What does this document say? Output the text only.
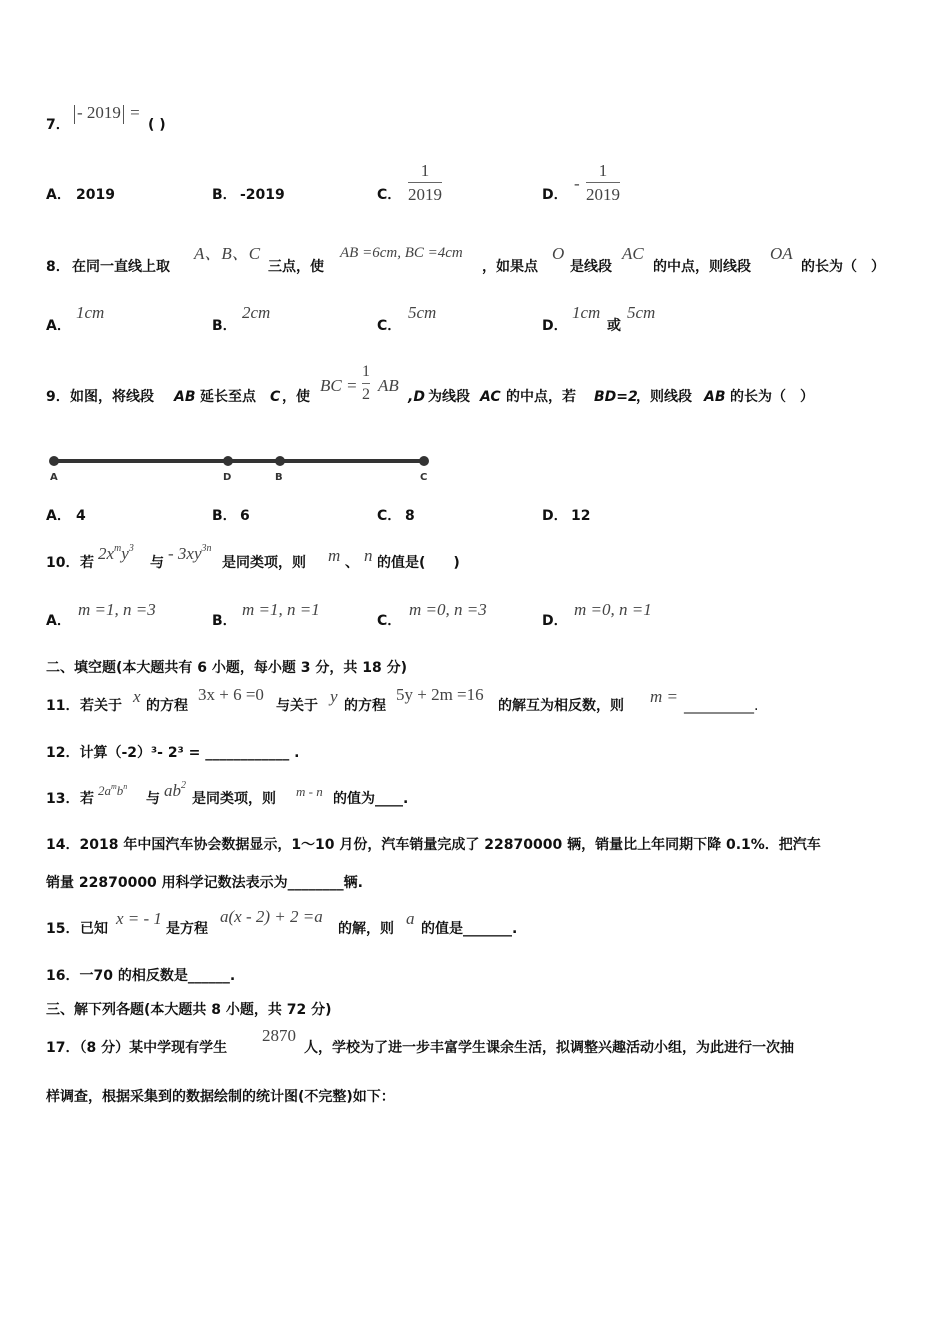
7．
- 2019 =
( )
A． 2019	B． -2019	C．
1
2019	D．
-
1
2019
8． 在同一直线上取
A、B、C
三点，使
AB =6cm, BC =4cm
，如果点
O
是线段
AC
的中点，则线段
OA
的长为（　）
A．
1cm
B．
2cm
C．
5cm
D．
1cm
或
5cm
9． 如图，将线段 AB 延长至点 C ，使
BC =
1
2 AB
,D 为线段 AC 的中点，若 BD=2
，则线段 AB 的长为（　）
A	D	B	C
A． 4	B． 6	C． 8	D． 12
10． 若 $2x^my^3$
与 - $3xy^{3n}$
是同类项，则 m 、 n 的值是(　　)
A．
m =1, n =3
B．
m =1, n =1
C．
m =0, n =3
D．
m =0, n =1
二、填空题(本大题共有 6 小题，每小题 3 分，共 18 分)
11． 若关于 x 的方程
3x + 6 =0
与关于 y 的方程
5y + 2m =16
的解互为相反数，则 m = __________.
12．计算（-2）³- 2³ = ____________ .
13． 若
$2a^mb^n$
与 $ab^2$
是同类项，则 m - n 的值为____.
14．2018 年中国汽车协会数据显示，1～10 月份，汽车销量完成了 22870000 辆，销量比上年同期下降 0.1%．把汽车
销量 22870000 用科学记数法表示为________辆.
15． 已知
x = - 1
是方程
a(x - 2) + 2 =a
的解，则
a
的值是_______.
16．一70 的相反数是______.
三、解下列各题(本大题共 8 小题，共 72 分)
17．（8 分）某中学现有学生
2870
人，学校为了进一步丰富学生课余生活，拟调整兴趣活动小组，为此进行一次抽
样调查，根据采集到的数据绘制的统计图(不完整)如下：
